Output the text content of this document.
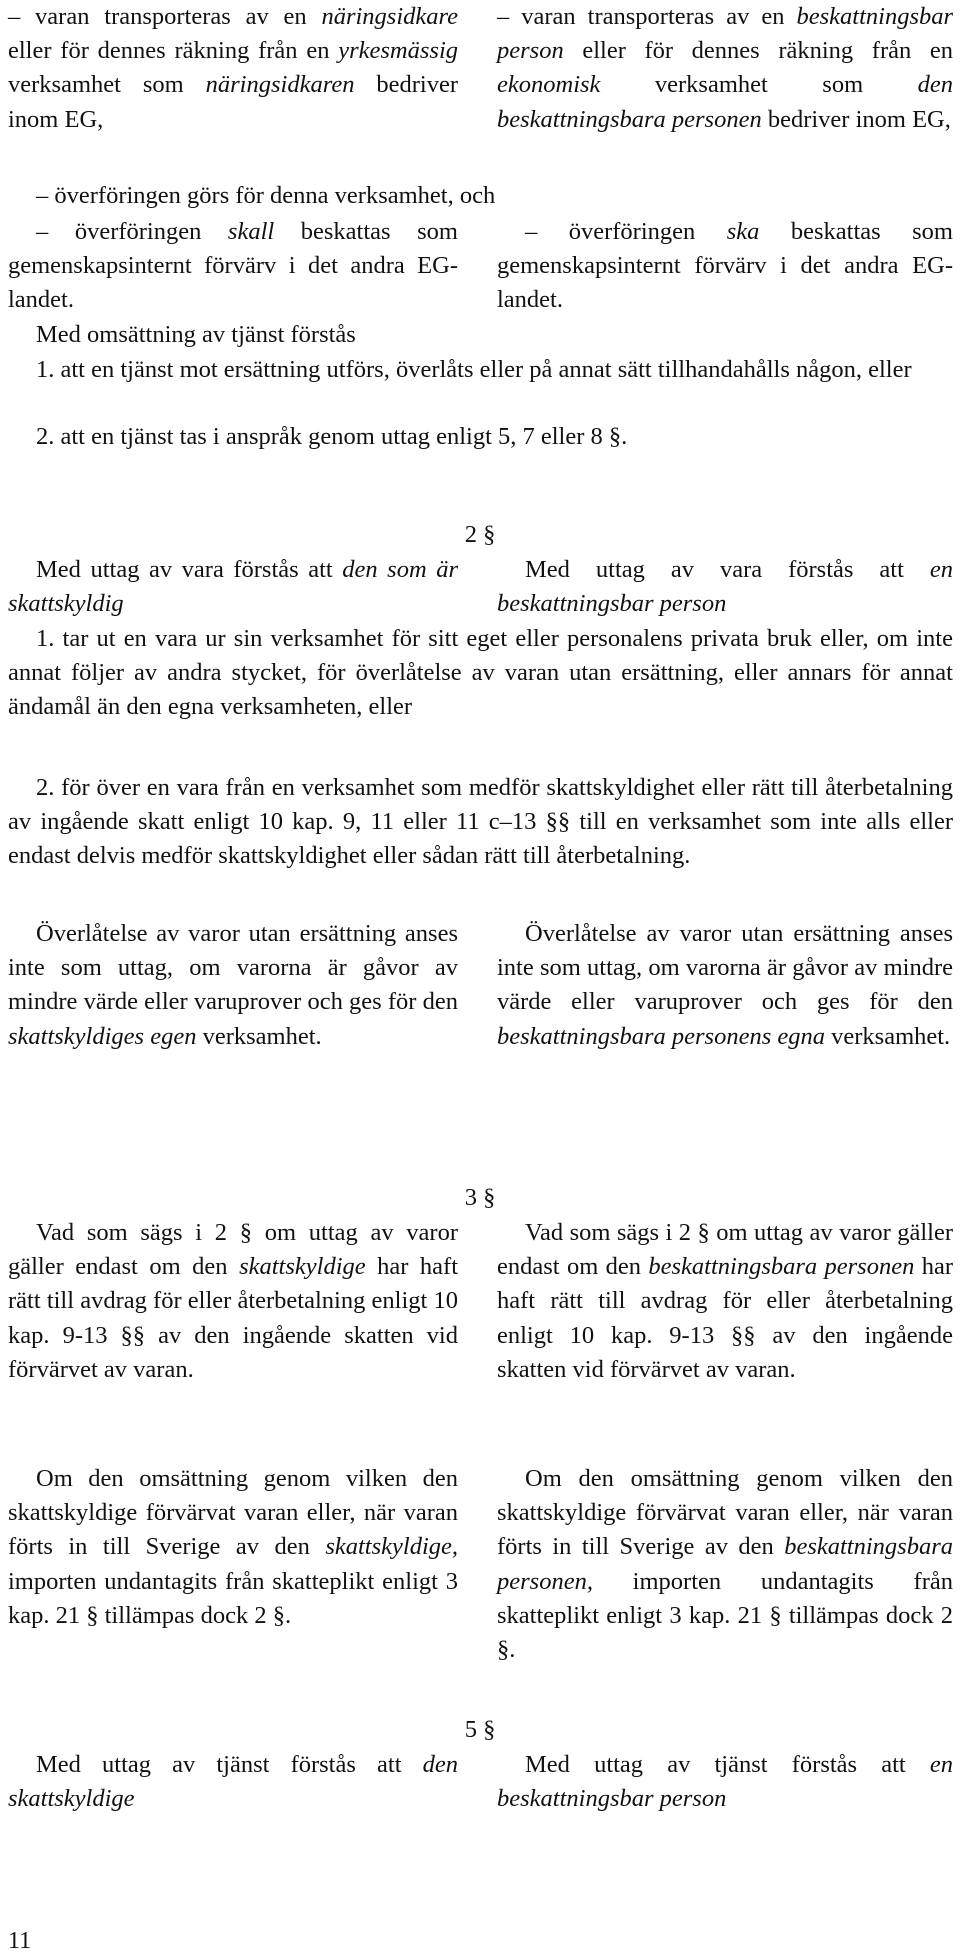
– varan transporteras av en näringsidkare eller för dennes räkning från en yrkesmässig verksamhet som näringsidkaren bedriver inom EG,
– varan transporteras av en beskattningsbar person eller för dennes räkning från en ekonomisk verksamhet som den beskattningsbara personen bedriver inom EG,
– överföringen görs för denna verksamhet, och
– överföringen skall beskattas som gemenskapsinternt förvärv i det andra EG-landet.
– överföringen ska beskattas som gemenskapsinternt förvärv i det andra EG-landet.
Med omsättning av tjänst förstås
1. att en tjänst mot ersättning utförs, överlåts eller på annat sätt tillhandahålls någon, eller
2. att en tjänst tas i anspråk genom uttag enligt 5, 7 eller 8 §.
2 §
Med uttag av vara förstås att den som är skattskyldig
Med uttag av vara förstås att en beskattningsbar person
1. tar ut en vara ur sin verksamhet för sitt eget eller personalens privata bruk eller, om inte annat följer av andra stycket, för överlåtelse av varan utan ersättning, eller annars för annat ändamål än den egna verksamheten, eller
2. för över en vara från en verksamhet som medför skattskyldighet eller rätt till återbetalning av ingående skatt enligt 10 kap. 9, 11 eller 11 c–13 §§ till en verksamhet som inte alls eller endast delvis medför skattskyldighet eller sådan rätt till återbetalning.
Överlåtelse av varor utan ersättning anses inte som uttag, om varorna är gåvor av mindre värde eller varuprover och ges för den skattskyldiges egen verksamhet.
Överlåtelse av varor utan ersättning anses inte som uttag, om varorna är gåvor av mindre värde eller varuprover och ges för den beskattningsbara personens egna verksamhet.
3 §
Vad som sägs i 2 § om uttag av varor gäller endast om den skattskyldige har haft rätt till avdrag för eller återbetalning enligt 10 kap. 9-13 §§ av den ingående skatten vid förvärvet av varan.
Vad som sägs i 2 § om uttag av varor gäller endast om den beskattningsbara personen har haft rätt till avdrag för eller återbetalning enligt 10 kap. 9-13 §§ av den ingående skatten vid förvärvet av varan.
Om den omsättning genom vilken den skattskyldige förvärvat varan eller, när varan förts in till Sverige av den skattskyldige, importen undantagits från skatteplikt enligt 3 kap. 21 § tillämpas dock 2 §.
Om den omsättning genom vilken den skattskyldige förvärvat varan eller, när varan förts in till Sverige av den beskattningsbara personen, importen undantagits från skatteplikt enligt 3 kap. 21 § tillämpas dock 2 §.
5 §
Med uttag av tjänst förstås att den skattskyldige
Med uttag av tjänst förstås att en beskattningsbar person
11
